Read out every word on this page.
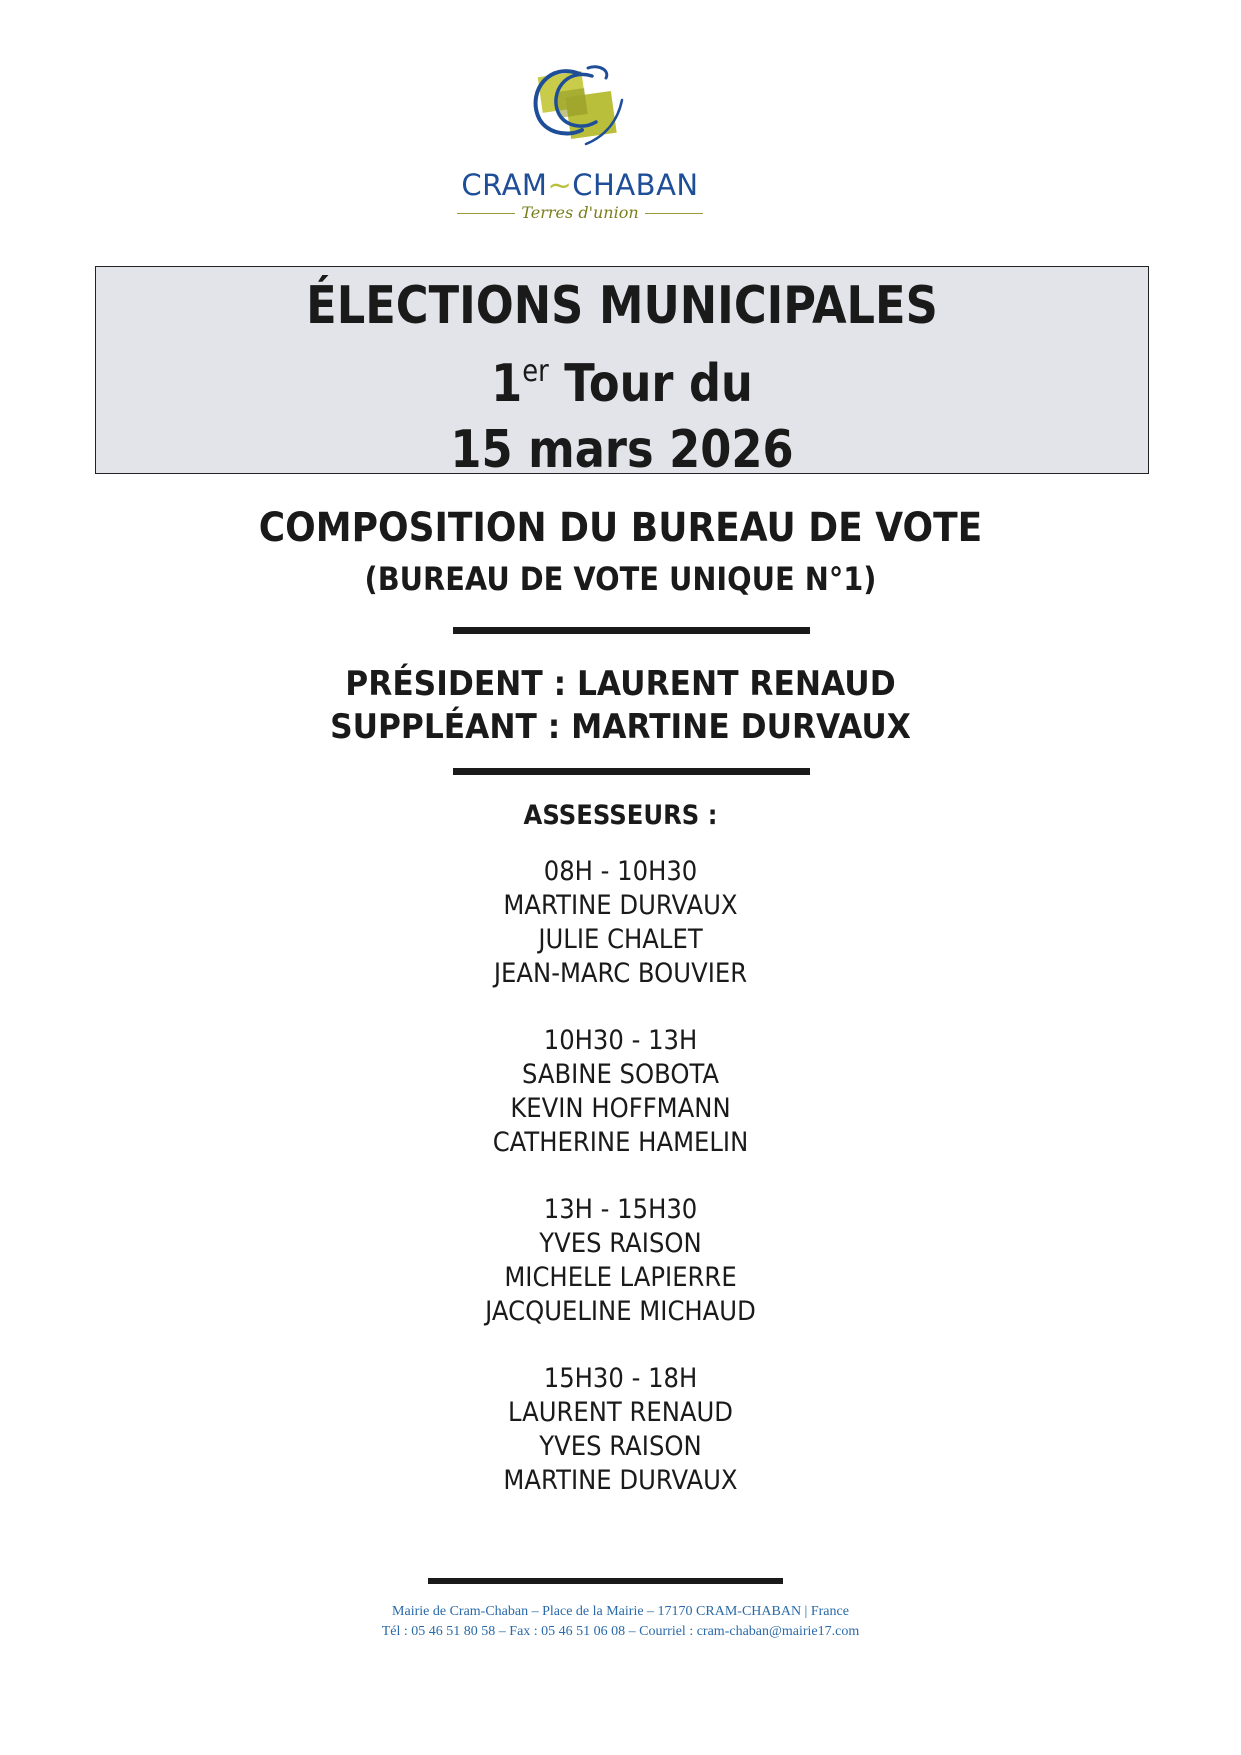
CRAM~CHABAN
Terres d'union
ÉLECTIONS MUNICIPALES
1er Tour du
15 mars 2026
COMPOSITION DU BUREAU DE VOTE
(BUREAU DE VOTE UNIQUE N°1)
PRÉSIDENT : LAURENT RENAUD
SUPPLÉANT : MARTINE DURVAUX
ASSESSEURS :
08H - 10H30
MARTINE DURVAUX
JULIE CHALET
JEAN-MARC BOUVIER
10H30 - 13H
SABINE SOBOTA
KEVIN HOFFMANN
CATHERINE HAMELIN
13H - 15H30
YVES RAISON
MICHELE LAPIERRE
JACQUELINE MICHAUD
15H30 - 18H
LAURENT RENAUD
YVES RAISON
MARTINE DURVAUX
Mairie de Cram-Chaban – Place de la Mairie – 17170 CRAM-CHABAN | France
Tél : 05 46 51 80 58 – Fax : 05 46 51 06 08 – Courriel : cram-chaban@mairie17.com
